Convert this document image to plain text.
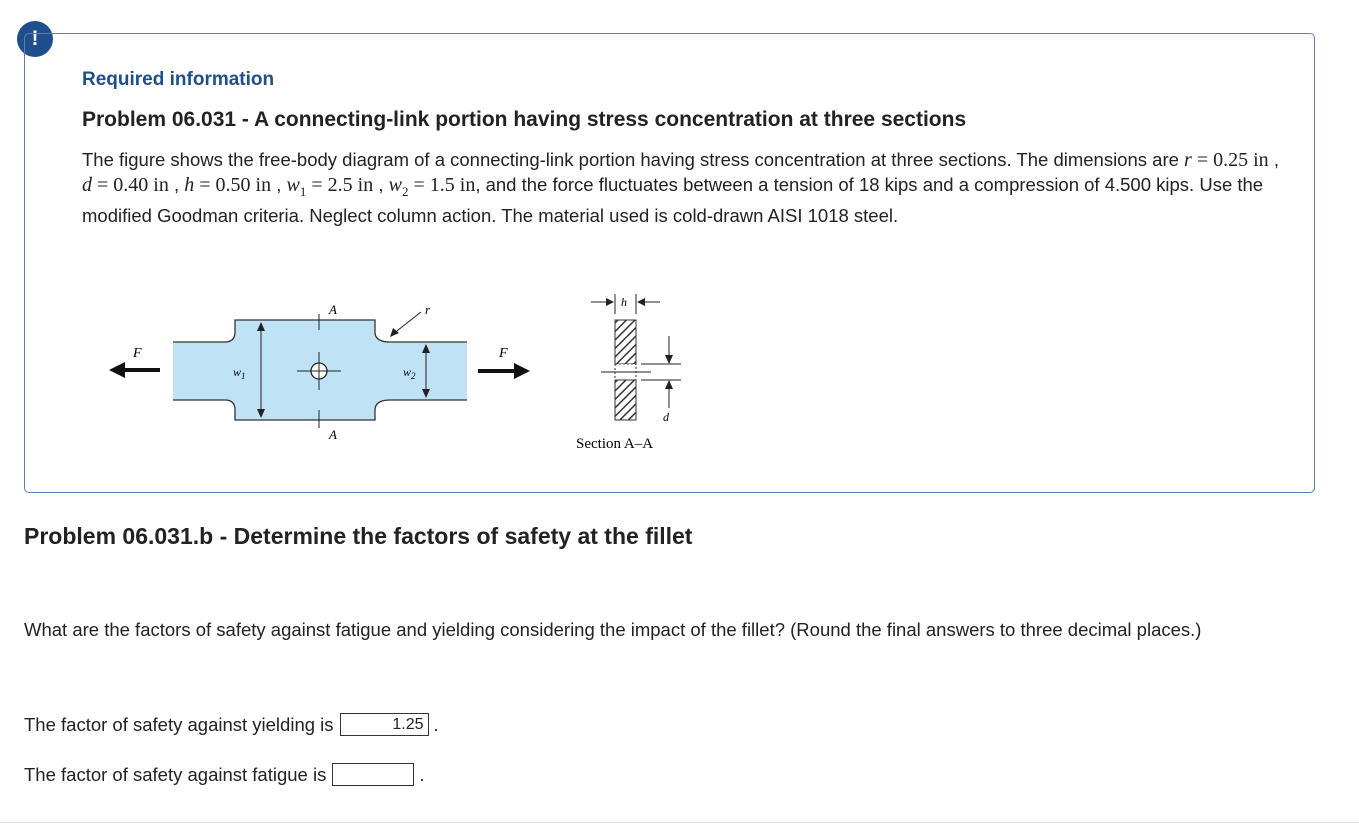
!
Required information
Problem 06.031 - A connecting-link portion having stress concentration at three sections
The figure shows the free-body diagram of a connecting-link portion having stress concentration at three sections. The dimensions are r = 0.25 in , d = 0.40 in , h = 0.50 in , $w_1 = 2.5$ in , $w_2 = 1.5$ in, and the force fluctuates between a tension of 18 kips and a compression of 4.500 kips. Use the modified Goodman criteria. Neglect column action. The material used is cold-drawn AISI 1018 steel.
F
$w_1$
A
A
r
$w_2$
F
h
d
Section A–A
Problem 06.031.b - Determine the factors of safety at the fillet
What are the factors of safety against fatigue and yielding considering the impact of the fillet? (Round the final answers to three decimal places.)
The factor of safety against yielding is
1.25	.
The factor of safety against fatigue is	.
